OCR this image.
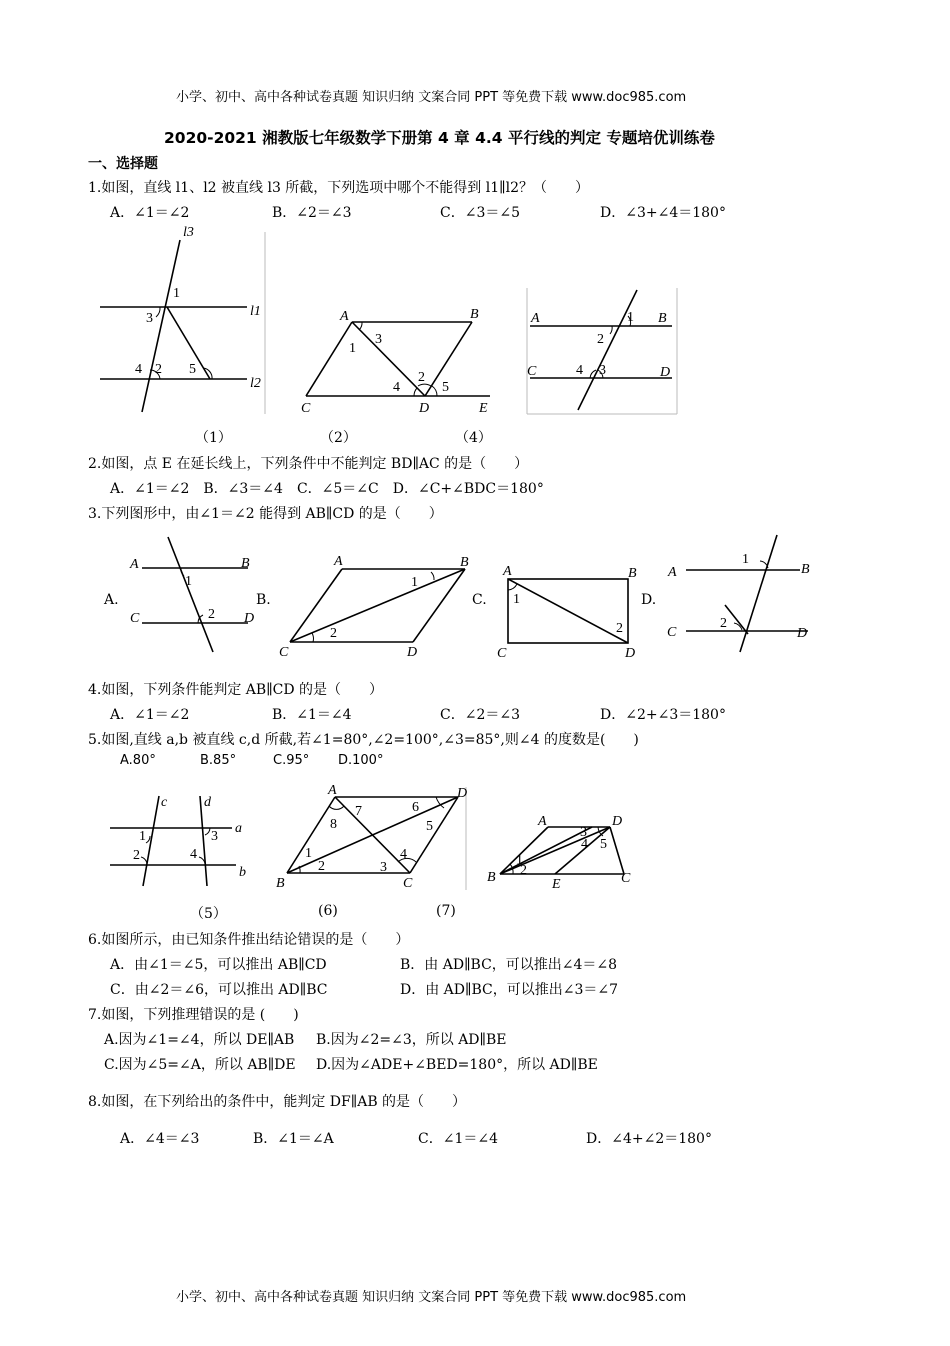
小学、初中、高中各种试卷真题 知识归纳 文案合同 PPT 等免费下载 www.doc985.com
2020-2021 湘教版七年级数学下册第 4 章 4.4 平行线的判定 专题培优训练卷
一、选择题
1.如图，直线 l1、l2 被直线 l3 所截，下列选项中哪个不能得到 l1∥l2？（　　）
A．∠1＝∠2	B．∠2＝∠3	C．∠3＝∠5	D．∠3+∠4＝180°
l3
l1
l2
1
3
4 2 5
A	B
C	D	E
1
3
2
4	5
A	B
C	D
1
2
4 3
（1）	（2）	（4）
2.如图，点 E 在延长线上，下列条件中不能判定 BD∥AC 的是（　　）
A．∠1＝∠2　B．∠3＝∠4　C．∠5＝∠C　D．∠C+∠BDC＝180°
3.下列图形中，由∠1＝∠2 能得到 AB∥CD 的是（　　）
A.	B.	C.	D.
A	B
C	D
1
2
A	B
C	D
1
2
A	B
C	D
1
2
A	B
C	D
1
2
4.如图，下列条件能判定 AB∥CD 的是（　　）
A．∠1＝∠2	B．∠1＝∠4	C．∠2＝∠3	D．∠2+∠3＝180°
5.如图,直线 a,b 被直线 c,d 所截,若∠1=80°,∠2=100°,∠3=85°,则∠4 的度数是(　　)
A.80°	B.85°	C.95° D.100°
c	d
a
b
1
2
3
4
A	D
B	C
7
8
6
5
1
2	3
4
A	D
B	E	C
1
2
3
4 5
（5）	(6)	(7)
6.如图所示，由已知条件推出结论错误的是（　　）
A．由∠1＝∠5，可以推出 AB∥CD	B．由 AD∥BC，可以推出∠4＝∠8
C．由∠2＝∠6，可以推出 AD∥BC	D．由 AD∥BC，可以推出∠3＝∠7
7.如图，下列推理错误的是 (　　)
A.因为∠1=∠4，所以 DE∥AB B.因为∠2=∠3，所以 AD∥BE
C.因为∠5=∠A，所以 AB∥DE D.因为∠ADE+∠BED=180°，所以 AD∥BE
8.如图，在下列给出的条件中，能判定 DF∥AB 的是（　　）
A．∠4＝∠3	B．∠1＝∠A	C．∠1＝∠4	D．∠4+∠2＝180°
小学、初中、高中各种试卷真题 知识归纳 文案合同 PPT 等免费下载 www.doc985.com
